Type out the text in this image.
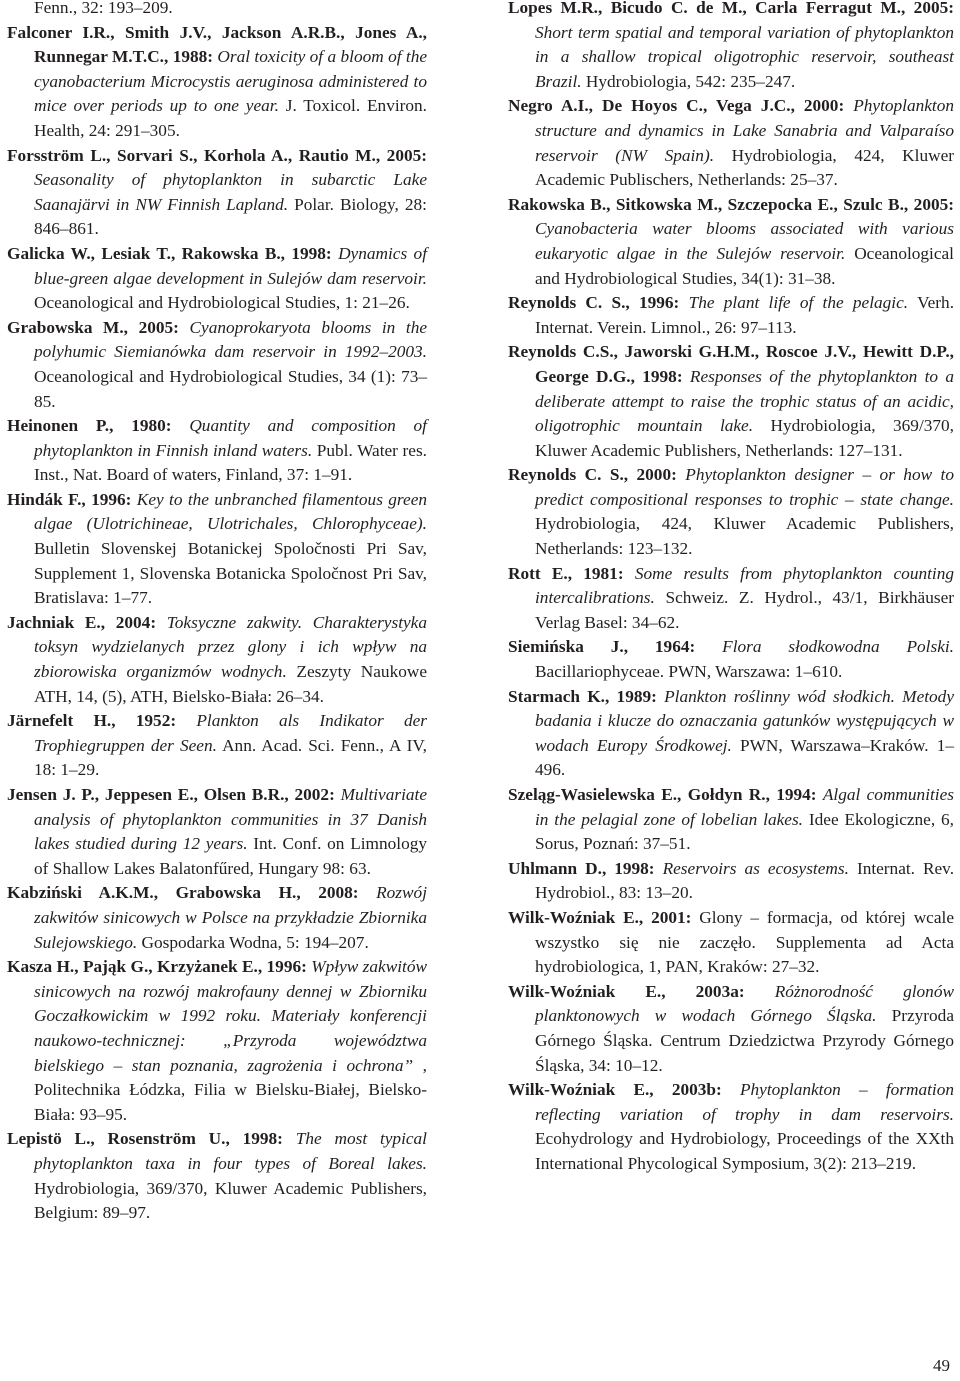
Fenn., 32: 193–209.

Falconer I.R., Smith J.V., Jackson A.R.B., Jones A., Runnegar M.T.C., 1988: Oral toxicity of a bloom of the cyanobacterium Microcystis aeruginosa administered to mice over periods up to one year. J. Toxicol. Environ. Health, 24: 291–305.

Forsström L., Sorvari S., Korhola A., Rautio M., 2005: Seasonality of phytoplankton in subarctic Lake Saanajärvi in NW Finnish Lapland. Polar. Biology, 28: 846–861.

Galicka W., Lesiak T., Rakowska B., 1998: Dynamics of blue-green algae development in Sulejów dam reservoir. Oceanological and Hydrobiological Studies, 1: 21–26.

Grabowska M., 2005: Cyanoprokaryota blooms in the polyhumic Siemianówka dam reservoir in 1992–2003. Oceanological and Hydrobiological Studies, 34 (1): 73–85.

Heinonen P., 1980: Quantity and composition of phytoplankton in Finnish inland waters. Publ. Water res. Inst., Nat. Board of waters, Finland, 37: 1–91.

Hindák F., 1996: Key to the unbranched filamentous green algae (Ulotrichineae, Ulotrichales, Chlorophyceae). Bulletin Slovenskej Botanickej Spoločnosti Pri Sav, Supplement 1, Slovenska Botanicka Spoločnost Pri Sav, Bratislava: 1–77.

Jachniak E., 2004: Toksyczne zakwity. Charakterystyka toksyn wydzielanych przez glony i ich wpływ na zbiorowiska organizmów wodnych. Zeszyty Naukowe ATH, 14, (5), ATH, Bielsko-Biała: 26–34.

Järnefelt H., 1952: Plankton als Indikator der Trophiegruppen der Seen. Ann. Acad. Sci. Fenn., A IV, 18: 1–29.

Jensen J. P., Jeppesen E., Olsen B.R., 2002: Multivariate analysis of phytoplankton communities in 37 Danish lakes studied during 12 years. Int. Conf. on Limnology of Shallow Lakes Balatonfűred, Hungary 98: 63.

Kabziński A.K.M., Grabowska H., 2008: Rozwój zakwitów sinicowych w Polsce na przykładzie Zbiornika Sulejowskiego. Gospodarka Wodna, 5: 194–207.

Kasza H., Pająk G., Krzyżanek E., 1996: Wpływ zakwitów sinicowych na rozwój makrofauny dennej w Zbiorniku Goczałkowickim w 1992 roku. Materiały konferencji naukowo-technicznej: „Przyroda województwa bielskiego – stan poznania, zagrożenia i ochrona” , Politechnika Łódzka, Filia w Bielsku-Białej, Bielsko-Biała: 93–95.

Lepistö L., Rosenström U., 1998: The most typical phytoplankton taxa in four types of Boreal lakes. Hydrobiologia, 369/370, Kluwer Academic Publishers, Belgium: 89–97.

Lopes M.R., Bicudo C. de M., Carla Ferragut M., 2005: Short term spatial and temporal variation of phytoplankton in a shallow tropical oligotrophic reservoir, southeast Brazil. Hydrobiologia, 542: 235–247.

Negro A.I., De Hoyos C., Vega J.C., 2000: Phytoplankton structure and dynamics in Lake Sanabria and Valparaíso reservoir (NW Spain). Hydrobiologia, 424, Kluwer Academic Publischers, Netherlands: 25–37.

Rakowska B., Sitkowska M., Szczepocka E., Szulc B., 2005: Cyanobacteria water blooms associated with various eukaryotic algae in the Sulejów reservoir. Oceanological and Hydrobiological Studies, 34(1): 31–38.

Reynolds C. S., 1996: The plant life of the pelagic. Verh. Internat. Verein. Limnol., 26: 97–113.

Reynolds C.S., Jaworski G.H.M., Roscoe J.V., Hewitt D.P., George D.G., 1998: Responses of the phytoplankton to a deliberate attempt to raise the trophic status of an acidic, oligotrophic mountain lake. Hydrobiologia, 369/370, Kluwer Academic Publishers, Netherlands: 127–131.

Reynolds C. S., 2000: Phytoplankton designer – or how to predict compositional responses to trophic – state change. Hydrobiologia, 424, Kluwer Academic Publishers, Netherlands: 123–132.

Rott E., 1981: Some results from phytoplankton counting intercalibrations. Schweiz. Z. Hydrol., 43/1, Birkhäuser Verlag Basel: 34–62.

Siemińska J., 1964: Flora słodkowodna Polski. Bacillariophyceae. PWN, Warszawa: 1–610.

Starmach K., 1989: Plankton roślinny wód słodkich. Metody badania i klucze do oznaczania gatunków występujących w wodach Europy Środkowej. PWN, Warszawa–Kraków. 1–496.

Szeląg-Wasielewska E., Gołdyn R., 1994: Algal communities in the pelagial zone of lobelian lakes. Idee Ekologiczne, 6, Sorus, Poznań: 37–51.

Uhlmann D., 1998: Reservoirs as ecosystems. Internat. Rev. Hydrobiol., 83: 13–20.

Wilk-Woźniak E., 2001: Glony – formacja, od której wcale wszystko się nie zaczęło. Supplementa ad Acta hydrobiologica, 1, PAN, Kraków: 27–32.

Wilk-Woźniak E., 2003a: Różnorodność glonów planktonowych w wodach Górnego Śląska. Przyroda Górnego Śląska. Centrum Dziedzictwa Przyrody Górnego Śląska, 34: 10–12.

Wilk-Woźniak E., 2003b: Phytoplankton – formation reflecting variation of trophy in dam reservoirs. Ecohydrology and Hydrobiology, Proceedings of the XXth International Phycological Symposium, 3(2): 213–219.

49
